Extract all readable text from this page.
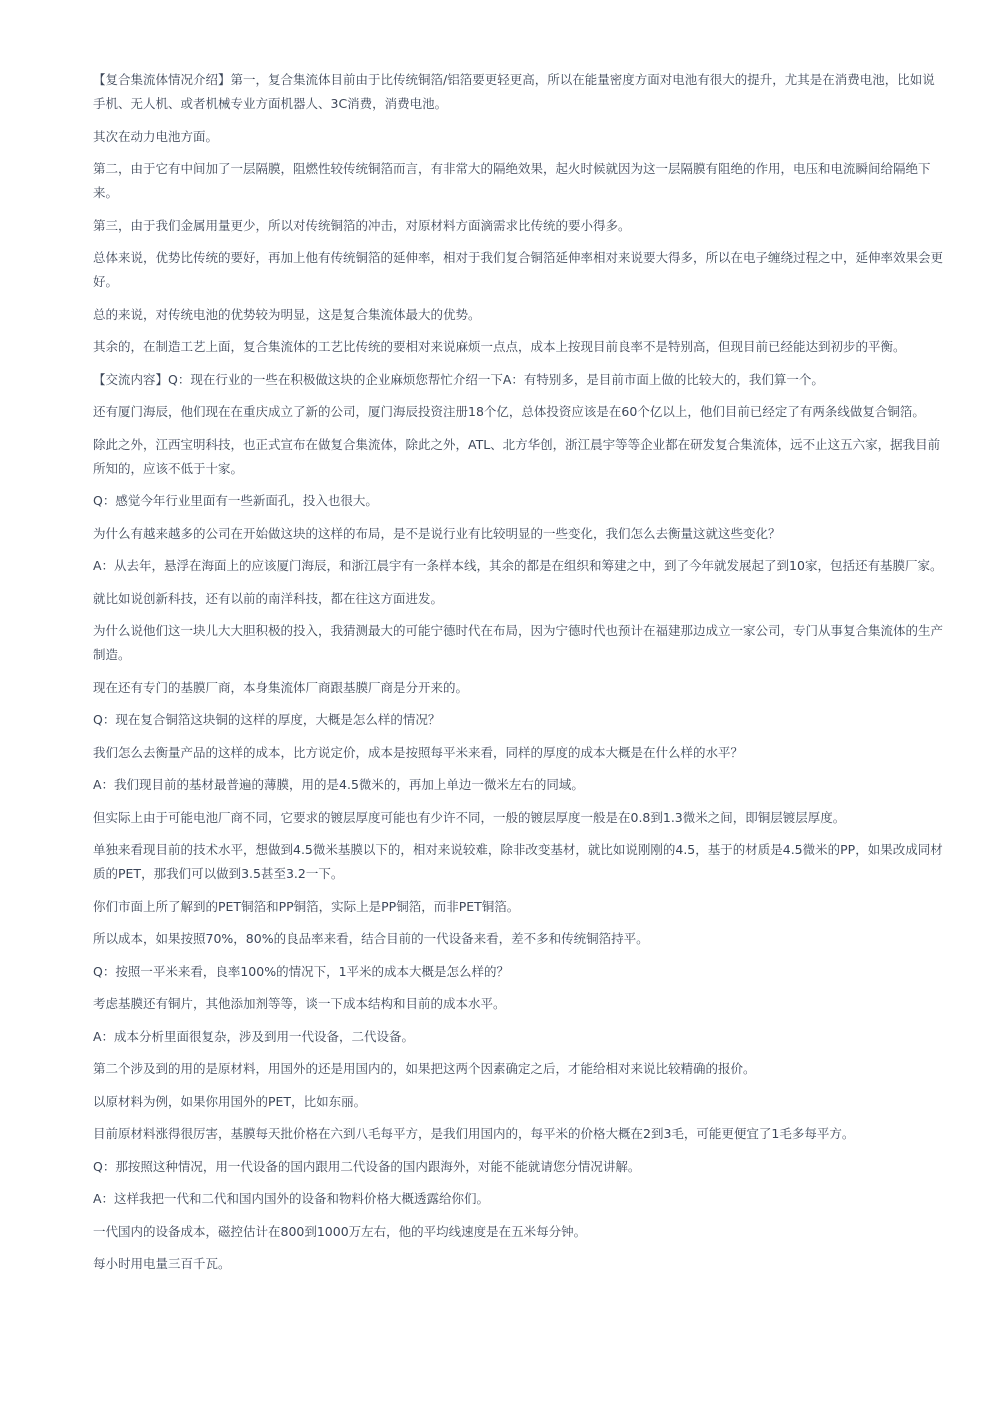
【复合集流体情况介绍】第一，复合集流体目前由于比传统铜箔/铝箔要更轻更高，所以在能量密度方面对电池有很大的提升，尤其是在消费电池，比如说手机、无人机、或者机械专业方面机器人、3C消费，消费电池。

其次在动力电池方面。

第二，由于它有中间加了一层隔膜，阻燃性较传统铜箔而言，有非常大的隔绝效果，起火时候就因为这一层隔膜有阻绝的作用，电压和电流瞬间给隔绝下来。

第三，由于我们金属用量更少，所以对传统铜箔的冲击，对原材料方面滴需求比传统的要小得多。

总体来说，优势比传统的要好，再加上他有传统铜箔的延伸率，相对于我们复合铜箔延伸率相对来说要大得多，所以在电子缠绕过程之中，延伸率效果会更好。

总的来说，对传统电池的优势较为明显，这是复合集流体最大的优势。

其余的，在制造工艺上面，复合集流体的工艺比传统的要相对来说麻烦一点点，成本上按现目前良率不是特别高，但现目前已经能达到初步的平衡。

【交流内容】Q：现在行业的一些在积极做这块的企业麻烦您帮忙介绍一下A：有特别多，是目前市面上做的比较大的，我们算一个。

还有厦门海辰，他们现在在重庆成立了新的公司，厦门海辰投资注册18个亿，总体投资应该是在60个亿以上，他们目前已经定了有两条线做复合铜箔。

除此之外，江西宝明科技，也正式宣布在做复合集流体，除此之外，ATL、北方华创，浙江晨宇等等企业都在研发复合集流体，远不止这五六家，据我目前所知的，应该不低于十家。

Q：感觉今年行业里面有一些新面孔，投入也很大。

为什么有越来越多的公司在开始做这块的这样的布局，是不是说行业有比较明显的一些变化，我们怎么去衡量这就这些变化？

A：从去年，悬浮在海面上的应该厦门海辰，和浙江晨宇有一条样本线，其余的都是在组织和筹建之中，到了今年就发展起了到10家，包括还有基膜厂家。

就比如说创新科技，还有以前的南洋科技，都在往这方面进发。

为什么说他们这一块儿大大胆积极的投入，我猜测最大的可能宁德时代在布局，因为宁德时代也预计在福建那边成立一家公司，专门从事复合集流体的生产制造。

现在还有专门的基膜厂商，本身集流体厂商跟基膜厂商是分开来的。

Q：现在复合铜箔这块铜的这样的厚度，大概是怎么样的情况？

我们怎么去衡量产品的这样的成本，比方说定价，成本是按照每平米来看，同样的厚度的成本大概是在什么样的水平？

A：我们现目前的基材最普遍的薄膜，用的是4.5微米的，再加上单边一微米左右的同域。

但实际上由于可能电池厂商不同，它要求的镀层厚度可能也有少许不同，一般的镀层厚度一般是在0.8到1.3微米之间，即铜层镀层厚度。

单独来看现目前的技术水平，想做到4.5微米基膜以下的，相对来说较难，除非改变基材，就比如说刚刚的4.5，基于的材质是4.5微米的PP，如果改成同材质的PET，那我们可以做到3.5甚至3.2一下。

你们市面上所了解到的PET铜箔和PP铜箔，实际上是PP铜箔，而非PET铜箔。

所以成本，如果按照70%，80%的良品率来看，结合目前的一代设备来看，差不多和传统铜箔持平。

Q：按照一平米来看，良率100%的情况下，1平米的成本大概是怎么样的？

考虑基膜还有铜片，其他添加剂等等，谈一下成本结构和目前的成本水平。

A：成本分析里面很复杂，涉及到用一代设备，二代设备。

第二个涉及到的用的是原材料，用国外的还是用国内的，如果把这两个因素确定之后，才能给相对来说比较精确的报价。

以原材料为例，如果你用国外的PET，比如东丽。

目前原材料涨得很厉害，基膜每天批价格在六到八毛每平方，是我们用国内的，每平米的价格大概在2到3毛，可能更便宜了1毛多每平方。

Q：那按照这种情况，用一代设备的国内跟用二代设备的国内跟海外，对能不能就请您分情况讲解。

A：这样我把一代和二代和国内国外的设备和物料价格大概透露给你们。

一代国内的设备成本，磁控估计在800到1000万左右，他的平均线速度是在五米每分钟。

每小时用电量三百千瓦。
